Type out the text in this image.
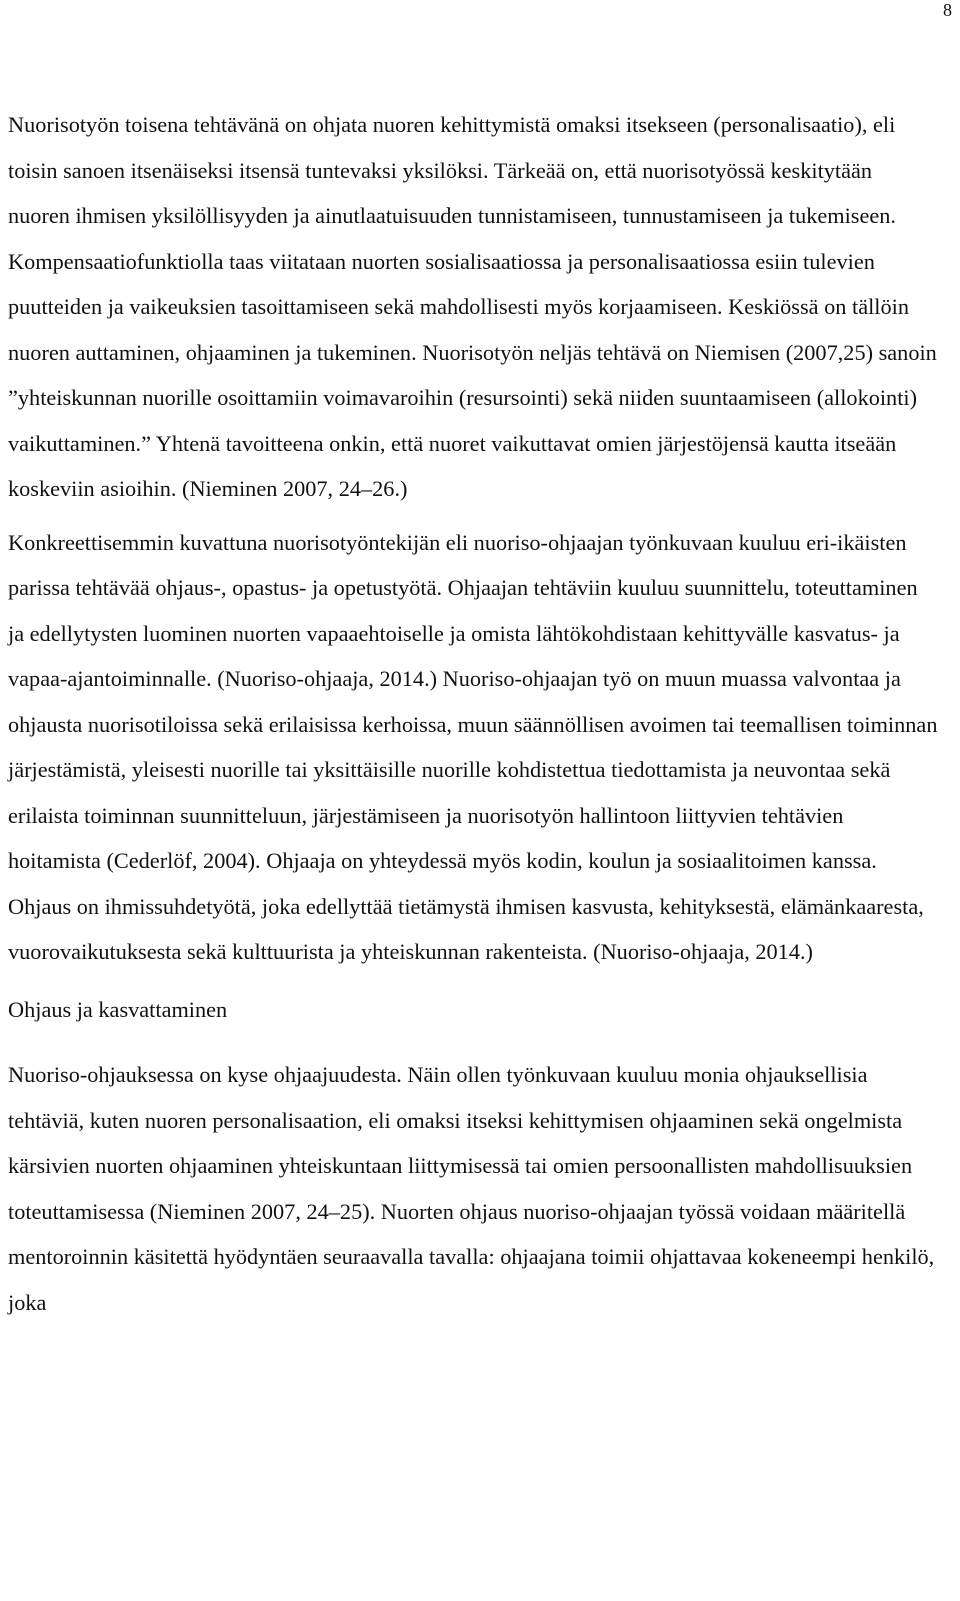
8

Nuorisotyön toisena tehtävänä on ohjata nuoren kehittymistä omaksi itsekseen (personalisaatio), eli toisin sanoen itsenäiseksi itsensä tuntevaksi yksilöksi. Tärkeää on, että nuorisotyössä keskitytään nuoren ihmisen yksilöllisyyden ja ainutlaatuisuuden tunnistamiseen, tunnustamiseen ja tukemiseen. Kompensaatiofunktiolla taas viitataan nuorten sosialisaatiossa ja personalisaatiossa esiin tulevien puutteiden ja vaikeuksien tasoittamiseen sekä mahdollisesti myös korjaamiseen. Keskiössä on tällöin nuoren auttaminen, ohjaaminen ja tukeminen. Nuorisotyön neljäs tehtävä on Niemisen (2007,25) sanoin ”yhteiskunnan nuorille osoittamiin voimavaroihin (resursointi) sekä niiden suuntaamiseen (allokointi) vaikuttaminen.” Yhtenä tavoitteena onkin, että nuoret vaikuttavat omien järjestöjensä kautta itseään koskeviin asioihin. (Nieminen 2007, 24–26.)

Konkreettisemmin kuvattuna nuorisotyöntekijän eli nuoriso-ohjaajan työnkuvaan kuuluu eri-ikäisten parissa tehtävää ohjaus-, opastus- ja opetustyötä. Ohjaajan tehtäviin kuuluu suunnittelu, toteuttaminen ja edellytysten luominen nuorten vapaaehtoiselle ja omista lähtökohdistaan kehittyvälle kasvatus- ja vapaa-ajantoiminnalle. (Nuoriso-ohjaaja, 2014.) Nuoriso-ohjaajan työ on muun muassa valvontaa ja ohjausta nuorisotiloissa sekä erilaisissa kerhoissa, muun säännöllisen avoimen tai teemallisen toiminnan järjestämistä, yleisesti nuorille tai yksittäisille nuorille kohdistettua tiedottamista ja neuvontaa sekä erilaista toiminnan suunnitteluun, järjestämiseen ja nuorisotyön hallintoon liittyvien tehtävien hoitamista (Cederlöf, 2004). Ohjaaja on yhteydessä myös kodin, koulun ja sosiaalitoimen kanssa. Ohjaus on ihmissuhdetyötä, joka edellyttää tietämystä ihmisen kasvusta, kehityksestä, elämänkaaresta, vuorovaikutuksesta sekä kulttuurista ja yhteiskunnan rakenteista. (Nuoriso-ohjaaja, 2014.)

Ohjaus ja kasvattaminen

Nuoriso-ohjauksessa on kyse ohjaajuudesta. Näin ollen työnkuvaan kuuluu monia ohjauksellisia tehtäviä, kuten nuoren personalisaation, eli omaksi itseksi kehittymisen ohjaaminen sekä ongelmista kärsivien nuorten ohjaaminen yhteiskuntaan liittymisessä tai omien persoonallisten mahdollisuuksien toteuttamisessa (Nieminen 2007, 24–25). Nuorten ohjaus nuoriso-ohjaajan työssä voidaan määritellä mentoroinnin käsitettä hyödyntäen seuraavalla tavalla: ohjaajana toimii ohjattavaa kokeneempi henkilö, joka
